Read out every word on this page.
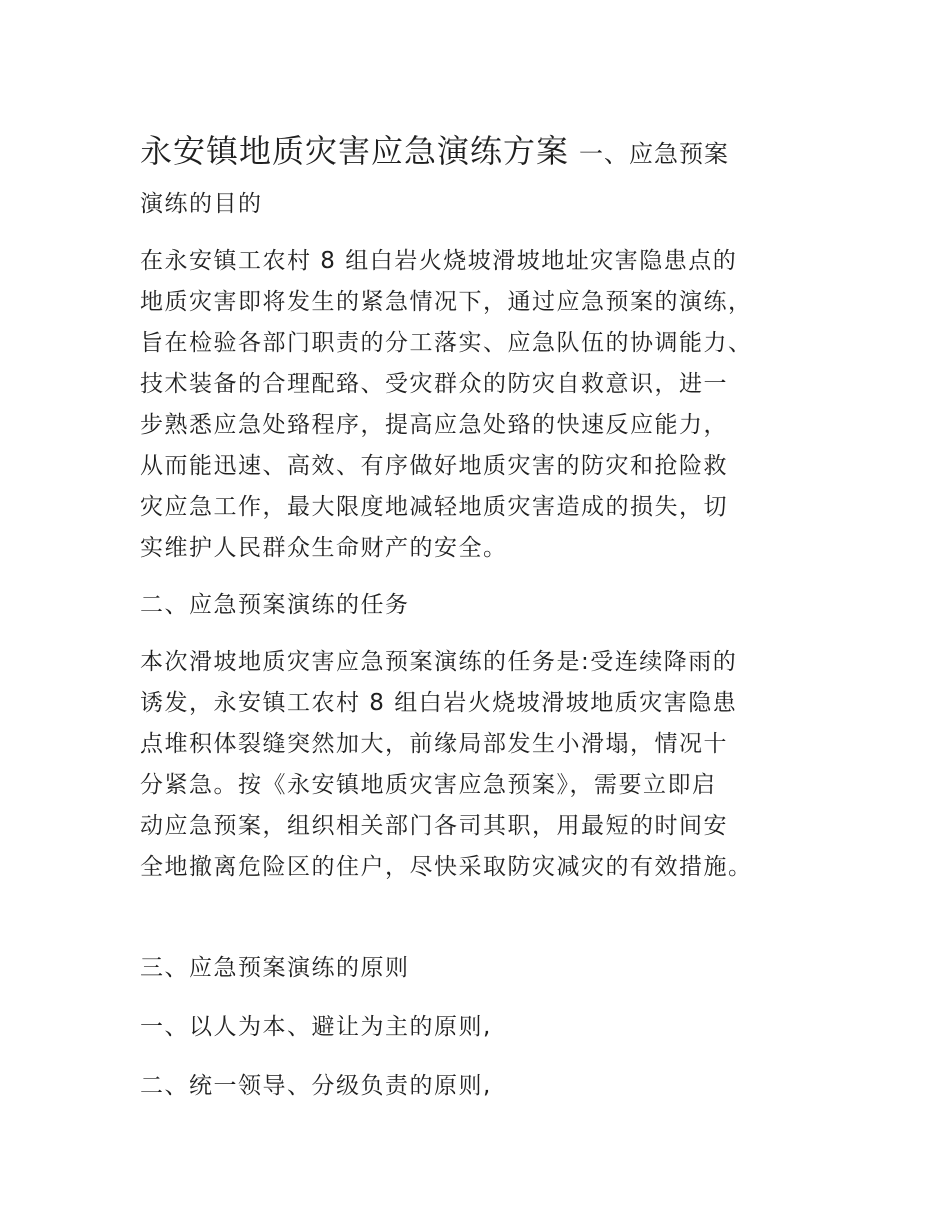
永安镇地质灾害应急演练方案 一、应急预案
演练的目的
在永安镇工农村 8 组白岩火烧坡滑坡地址灾害隐患点的
地质灾害即将发生的紧急情况下，通过应急预案的演练，
旨在检验各部门职责的分工落实、应急队伍的协调能力、
技术装备的合理配臵、受灾群众的防灾自救意识，进一
步熟悉应急处臵程序，提高应急处臵的快速反应能力，
从而能迅速、高效、有序做好地质灾害的防灾和抢险救
灾应急工作，最大限度地减轻地质灾害造成的损失，切
实维护人民群众生命财产的安全。
二、应急预案演练的任务
本次滑坡地质灾害应急预案演练的任务是:受连续降雨的
诱发，永安镇工农村 8 组白岩火烧坡滑坡地质灾害隐患
点堆积体裂缝突然加大，前缘局部发生小滑塌，情况十
分紧急。按《永安镇地质灾害应急预案》，需要立即启
动应急预案，组织相关部门各司其职，用最短的时间安
全地撤离危险区的住户，尽快采取防灾减灾的有效措施。
三、应急预案演练的原则
一、以人为本、避让为主的原则,
二、统一领导、分级负责的原则,
